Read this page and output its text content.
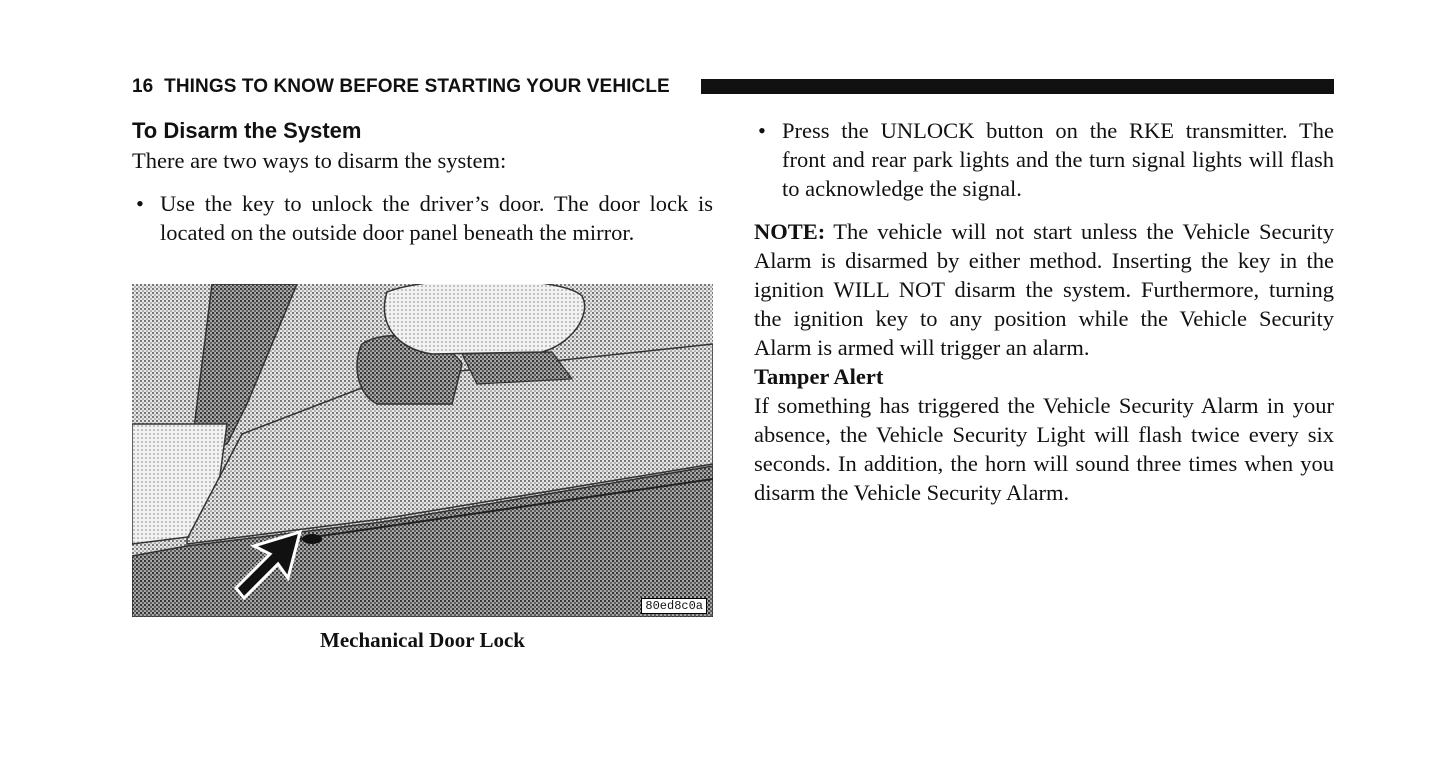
16 THINGS TO KNOW BEFORE STARTING YOUR VEHICLE
To Disarm the System

There are two ways to disarm the system:

• Use the key to unlock the driver’s door. The door lock is located on the outside door panel beneath the mirror.
80ed8c0a
Mechanical Door Lock
• Press the UNLOCK button on the RKE transmitter. The front and rear park lights and the turn signal lights will flash to acknowledge the signal.

NOTE: The vehicle will not start unless the Vehicle Security Alarm is disarmed by either method. Inserting the key in the ignition WILL NOT disarm the system. Furthermore, turning the ignition key to any position while the Vehicle Security Alarm is armed will trigger an alarm.

Tamper Alert

If something has triggered the Vehicle Security Alarm in your absence, the Vehicle Security Light will flash twice every six seconds. In addition, the horn will sound three times when you disarm the Vehicle Security Alarm.
